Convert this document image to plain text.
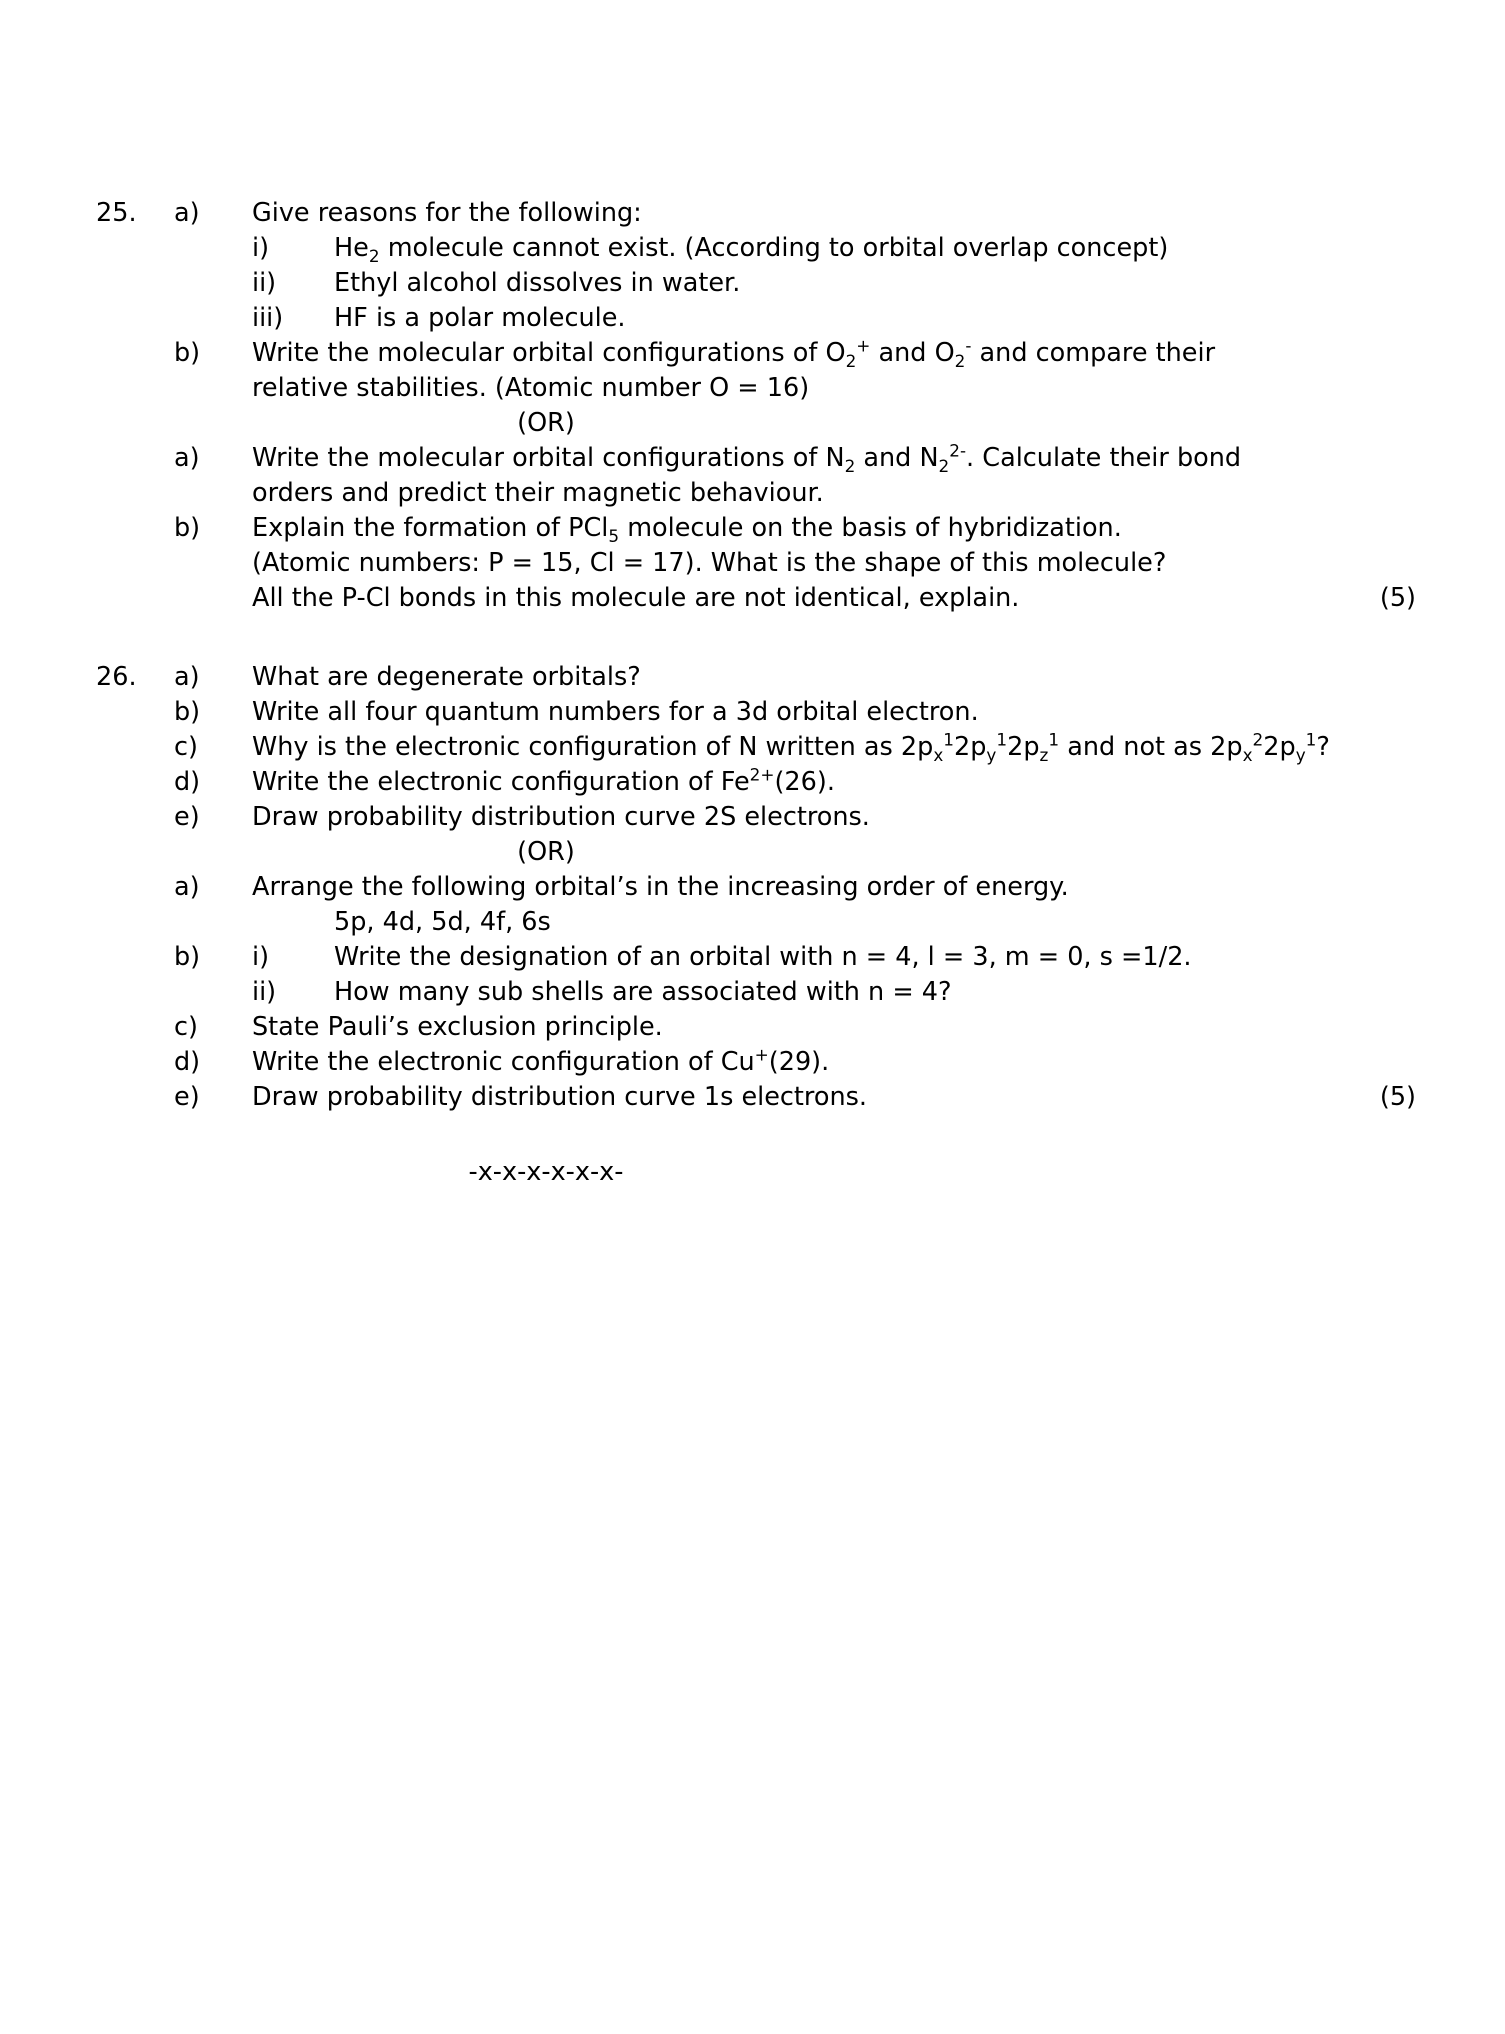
25.	a)	Give reasons for the following:
i)	$He_2$ molecule cannot exist. (According to orbital overlap concept)
ii)	Ethyl alcohol dissolves in water.
iii)	HF is a polar molecule.
b)	Write the molecular orbital configurations of $O_2^+$ and $O_2^-$ and compare their
relative stabilities. (Atomic number O = 16)
(OR)
a)	Write the molecular orbital configurations of $N_2$ and $N_2^{2-}$. Calculate their bond
orders and predict their magnetic behaviour.
b)	Explain the formation of PCl$_5$ molecule on the basis of hybridization.
(Atomic numbers: P = 15, Cl = 17). What is the shape of this molecule?
All the P-Cl bonds in this molecule are not identical, explain.	(5)
26.	a)	What are degenerate orbitals?
b)	Write all four quantum numbers for a 3d orbital electron.
c)	Why is the electronic configuration of N written as $2p_x^12p_y^12p_z^1$ and not as $2p_x^22p_y^1$?
d)	Write the electronic configuration of $Fe^{2+}(26)$.
e)	Draw probability distribution curve 2S electrons.
(OR)
a)	Arrange the following orbital’s in the increasing order of energy.
5p, 4d, 5d, 4f, 6s
b)	i)	Write the designation of an orbital with n = 4, l = 3, m = 0, s =1/2.
ii)	How many sub shells are associated with n = 4?
c)	State Pauli’s exclusion principle.
d)	Write the electronic configuration of Cu+(29).
e)	Draw probability distribution curve 1s electrons.	(5)
-x-x-x-x-x-x-
